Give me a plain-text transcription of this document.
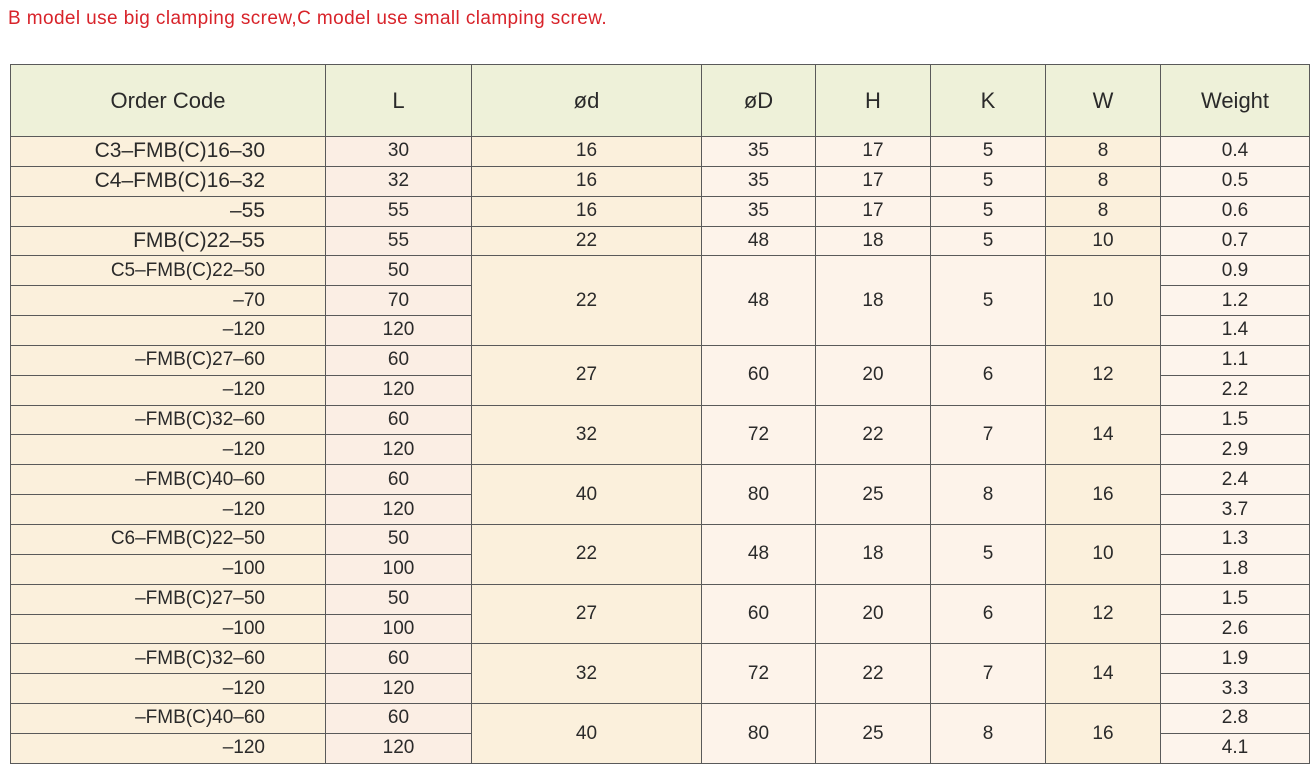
B model use big clamping screw,C model use small clamping screw.
Order Code	L	ød	øD	H	K	W	Weight
C3–FMB(C)16–30	30	16	35	17	5	8	0.4
C4–FMB(C)16–32	32	16	35	17	5	8	0.5
–55	55	16	35	17	5	8	0.6
FMB(C)22–55	55	22	48	18	5	10	0.7
C5–FMB(C)22–50	50	22	48	18	5	10	0.9
–70	70						1.2
–120	120						1.4
–FMB(C)27–60	60	27	60	20	6	12	1.1
–120	120						2.2
–FMB(C)32–60	60	32	72	22	7	14	1.5
–120	120						2.9
–FMB(C)40–60	60	40	80	25	8	16	2.4
–120	120						3.7
C6–FMB(C)22–50	50	22	48	18	5	10	1.3
–100	100						1.8
–FMB(C)27–50	50	27	60	20	6	12	1.5
–100	100						2.6
–FMB(C)32–60	60	32	72	22	7	14	1.9
–120	120						3.3
–FMB(C)40–60	60	40	80	25	8	16	2.8
–120	120						4.1
